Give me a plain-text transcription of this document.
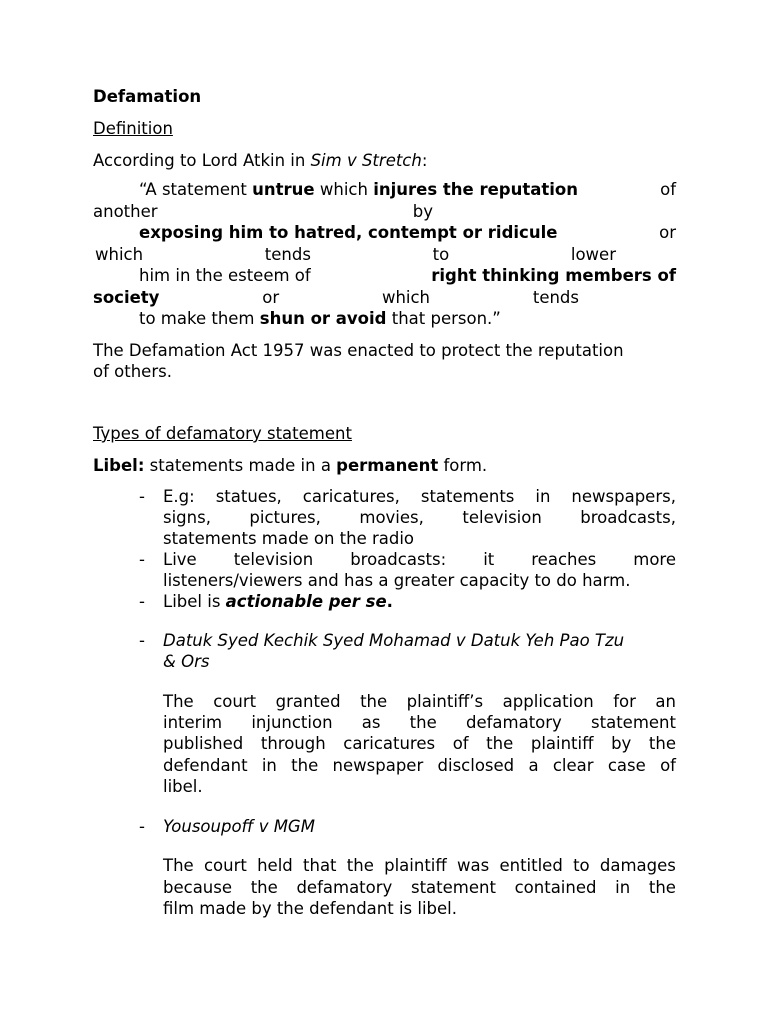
Defamation
Definition
According to Lord Atkin in Sim v Stretch:
“A statement untrue which injures the reputation	of
another	by
exposing him to hatred, contempt or ridicule	or
which	tends	to	lower
him in the esteem of	right thinking members of
society	or	which	tends
to make them shun or avoid that person.”
The Defamation Act 1957 was enacted to protect the reputation
of others.
Types of defamatory statement
Libel: statements made in a permanent form.
- E.g: statues, caricatures, statements in newspapers,
signs, pictures, movies, television broadcasts,
statements made on the radio
- Live television broadcasts: it reaches more
listeners/viewers and has a greater capacity to do harm.
- Libel is actionable per se.
- Datuk Syed Kechik Syed Mohamad v Datuk Yeh Pao Tzu
& Ors
The court granted the plaintiff’s application for an
interim injunction as the defamatory statement
published through caricatures of the plaintiff by the
defendant in the newspaper disclosed a clear case of
libel.
- Yousoupoff v MGM
The court held that the plaintiff was entitled to damages
because the defamatory statement contained in the
film made by the defendant is libel.
